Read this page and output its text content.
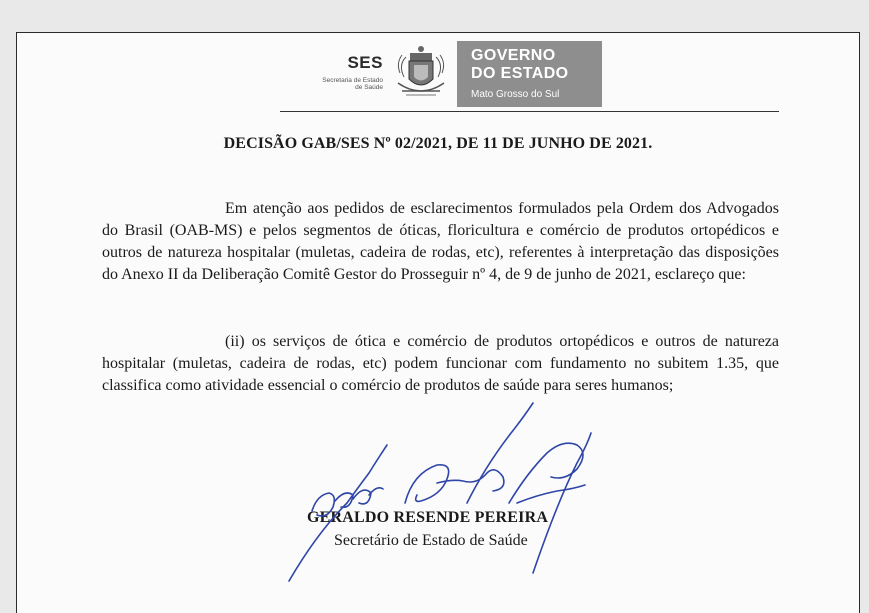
SES
Secretaria de Estado
de Saúde
GOVERNO
DO ESTADO
Mato Grosso do Sul
DECISÃO GAB/SES Nº 02/2021, DE 11 DE JUNHO DE 2021.
Em atenção aos pedidos de esclarecimentos formulados pela Ordem dos Advogados do Brasil (OAB-MS) e pelos segmentos de óticas, floricultura e comércio de produtos ortopédicos e outros de natureza hospitalar (muletas, cadeira de rodas, etc), referentes à interpretação das disposições do Anexo II da Deliberação Comitê Gestor do Prosseguir nº 4, de 9 de junho de 2021, esclareço que:
(ii) os serviços de ótica e comércio de produtos ortopédicos e outros de natureza hospitalar (muletas, cadeira de rodas, etc) podem funcionar com fundamento no subitem 1.35, que classifica como atividade essencial o comércio de produtos de saúde para seres humanos;
GERALDO RESENDE PEREIRA
Secretário de Estado de Saúde
